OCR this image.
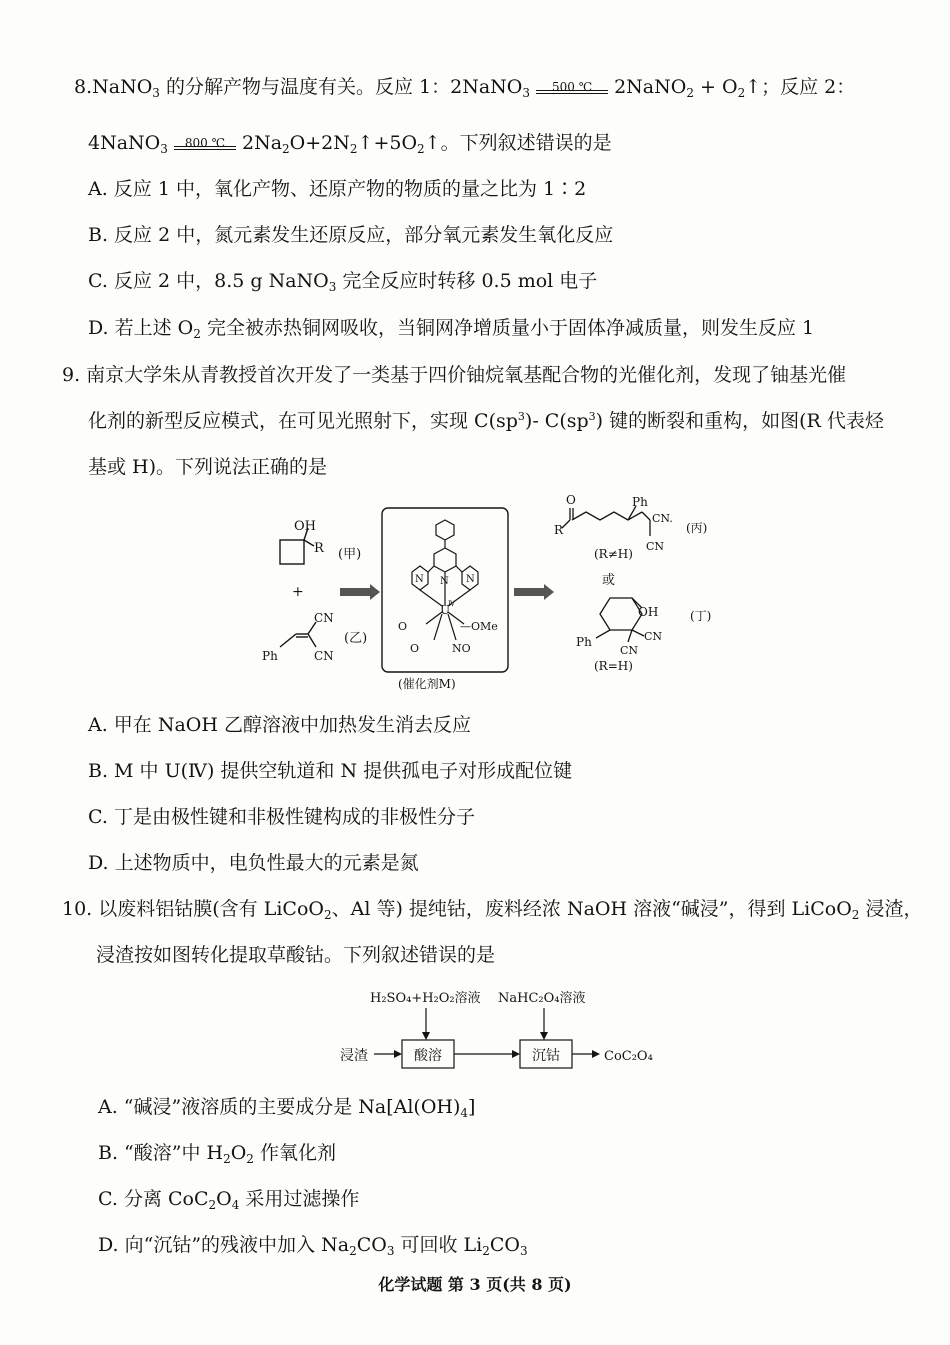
8.NaNO$_3$ 的分解产物与温度有关。反应 1：2NaNO$_3$	500 ℃	2NaNO$_2$ + $O_2↑$；反应 2：
4NaNO$_3$	800 ℃ $2Na_2O+2N_2↑+5O_2↑$。下列叙述错误的是
A. 反应 1 中，氧化产物、还原产物的物质的量之比为 1∶2
B. 反应 2 中，氮元素发生还原反应，部分氧元素发生氧化反应
C. 反应 2 中，8.5 g NaNO$_3$ 完全反应时转移 0.5 mol 电子
D. 若上述 $O_2$ 完全被赤热铜网吸收，当铜网净增质量小于固体净减质量，则发生反应 1
9. 南京大学朱从青教授首次开发了一类基于四价铀烷氧基配合物的光催化剂，发现了铀基光催
化剂的新型反应模式，在可见光照射下，实现 $C(sp^3)-$ $C(sp^3)$ 键的断裂和重构，如图(R 代表烃
基或 H)。下列说法正确的是
OH
R (甲)
+
CN
CN
Ph
(乙)
N
N	N
U
Ⅳ
O	—OMe
O	NO
(催化剂M)
O
R
Ph
CN.
CN
(丙)
(R≠H)
或
OH
CN
CN
Ph
(丁)
(R=H)
A. 甲在 NaOH 乙醇溶液中加热发生消去反应
B. M 中 U(Ⅳ) 提供空轨道和 N 提供孤电子对形成配位键
C. 丁是由极性键和非极性键构成的非极性分子
D. 上述物质中，电负性最大的元素是氮
10. 以废料铝钴膜(含有 LiCoO$_2$、Al 等) 提纯钴，废料经浓 NaOH 溶液“碱浸”，得到 LiCoO$_2$ 浸渣，
浸渣按如图转化提取草酸钴。下列叙述错误的是
H₂SO₄+H₂O₂溶液 NaHC₂O₄溶液
浸渣	酸溶	沉钴	CoC₂O₄
A. “碱浸”液溶质的主要成分是 $Na[Al(OH)_4]$
B. “酸溶”中 $H_2O_2$ 作氧化剂
C. 分离 $CoC_2O_4$ 采用过滤操作
D. 向“沉钴”的残液中加入 $Na_2CO_3$ 可回收 $Li_2CO_3$
化学试题 第 3 页(共 8 页)
